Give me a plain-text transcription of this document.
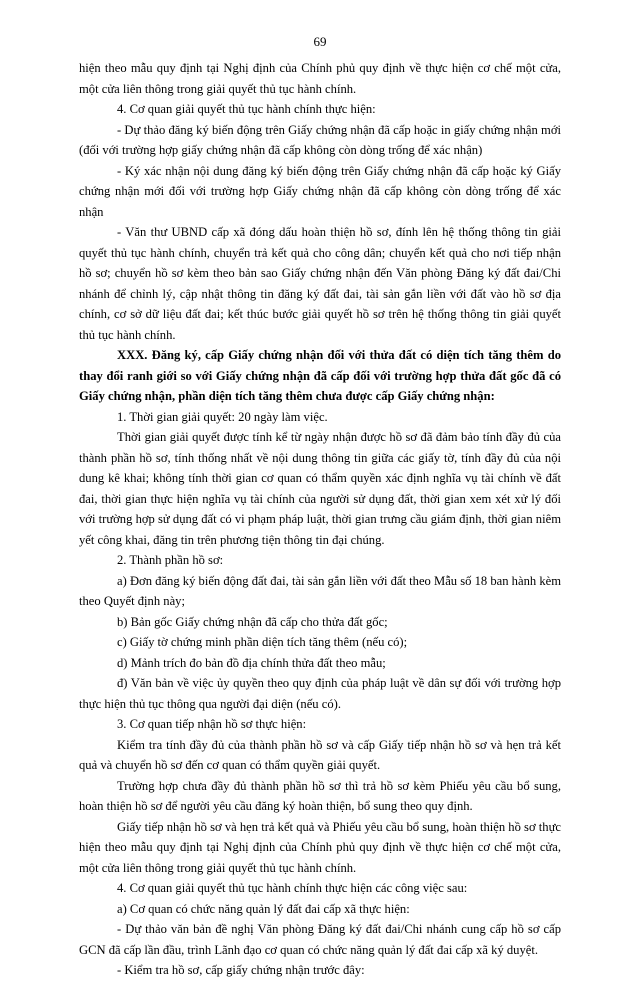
69

hiện theo mẫu quy định tại Nghị định của Chính phủ quy định về thực hiện cơ chế một cửa, một cửa liên thông trong giải quyết thủ tục hành chính.

4. Cơ quan giải quyết thủ tục hành chính thực hiện:

- Dự thảo đăng ký biến động trên Giấy chứng nhận đã cấp hoặc in giấy chứng nhận mới (đối với trường hợp giấy chứng nhận đã cấp không còn dòng trống để xác nhận)

- Ký xác nhận nội dung đăng ký biến động trên Giấy chứng nhận đã cấp hoặc ký Giấy chứng nhận mới đối với trường hợp Giấy chứng nhận đã cấp không còn dòng trống để xác nhận

- Văn thư UBND cấp xã đóng dấu hoàn thiện hồ sơ, đính lên hệ thống thông tin giải quyết thủ tục hành chính, chuyển trả kết quả cho công dân; chuyển kết quả cho nơi tiếp nhận hồ sơ; chuyển hồ sơ kèm theo bản sao Giấy chứng nhận đến Văn phòng Đăng ký đất đai/Chi nhánh để chỉnh lý, cập nhật thông tin đăng ký đất đai, tài sản gắn liền với đất vào hồ sơ địa chính, cơ sở dữ liệu đất đai; kết thúc bước giải quyết hồ sơ trên hệ thống thông tin giải quyết thủ tục hành chính.

XXX. Đăng ký, cấp Giấy chứng nhận đối với thửa đất có diện tích tăng thêm do thay đổi ranh giới so với Giấy chứng nhận đã cấp đối với trường hợp thửa đất gốc đã có Giấy chứng nhận, phần diện tích tăng thêm chưa được cấp Giấy chứng nhận:

1. Thời gian giải quyết: 20 ngày làm việc.

Thời gian giải quyết được tính kể từ ngày nhận được hồ sơ đã đảm bảo tính đầy đủ của thành phần hồ sơ, tính thống nhất về nội dung thông tin giữa các giấy tờ, tính đầy đủ của nội dung kê khai; không tính thời gian cơ quan có thẩm quyền xác định nghĩa vụ tài chính về đất đai, thời gian thực hiện nghĩa vụ tài chính của người sử dụng đất, thời gian xem xét xử lý đối với trường hợp sử dụng đất có vi phạm pháp luật, thời gian trưng cầu giám định, thời gian niêm yết công khai, đăng tin trên phương tiện thông tin đại chúng.

2. Thành phần hồ sơ:

a) Đơn đăng ký biến động đất đai, tài sản gắn liền với đất theo Mẫu số 18 ban hành kèm theo Quyết định này;

b) Bản gốc Giấy chứng nhận đã cấp cho thửa đất gốc;

c) Giấy tờ chứng minh phần diện tích tăng thêm (nếu có);

d) Mảnh trích đo bản đồ địa chính thửa đất theo mẫu;

đ) Văn bản về việc ủy quyền theo quy định của pháp luật về dân sự đối với trường hợp thực hiện thủ tục thông qua người đại diện (nếu có).

3. Cơ quan tiếp nhận hồ sơ thực hiện:

Kiểm tra tính đầy đủ của thành phần hồ sơ và cấp Giấy tiếp nhận hồ sơ và hẹn trả kết quả và chuyển hồ sơ đến cơ quan có thẩm quyền giải quyết.

Trường hợp chưa đầy đủ thành phần hồ sơ thì trả hồ sơ kèm Phiếu yêu cầu bổ sung, hoàn thiện hồ sơ để người yêu cầu đăng ký hoàn thiện, bổ sung theo quy định.

Giấy tiếp nhận hồ sơ và hẹn trả kết quả và Phiếu yêu cầu bổ sung, hoàn thiện hồ sơ thực hiện theo mẫu quy định tại Nghị định của Chính phủ quy định về thực hiện cơ chế một cửa, một cửa liên thông trong giải quyết thủ tục hành chính.

4. Cơ quan giải quyết thủ tục hành chính thực hiện các công việc sau:

a) Cơ quan có chức năng quản lý đất đai cấp xã thực hiện:

- Dự thảo văn bản đề nghị Văn phòng Đăng ký đất đai/Chi nhánh cung cấp hồ sơ cấp GCN đã cấp lần đầu, trình Lãnh đạo cơ quan có chức năng quản lý đất đai cấp xã ký duyệt.

- Kiểm tra hồ sơ, cấp giấy chứng nhận trước đây:
